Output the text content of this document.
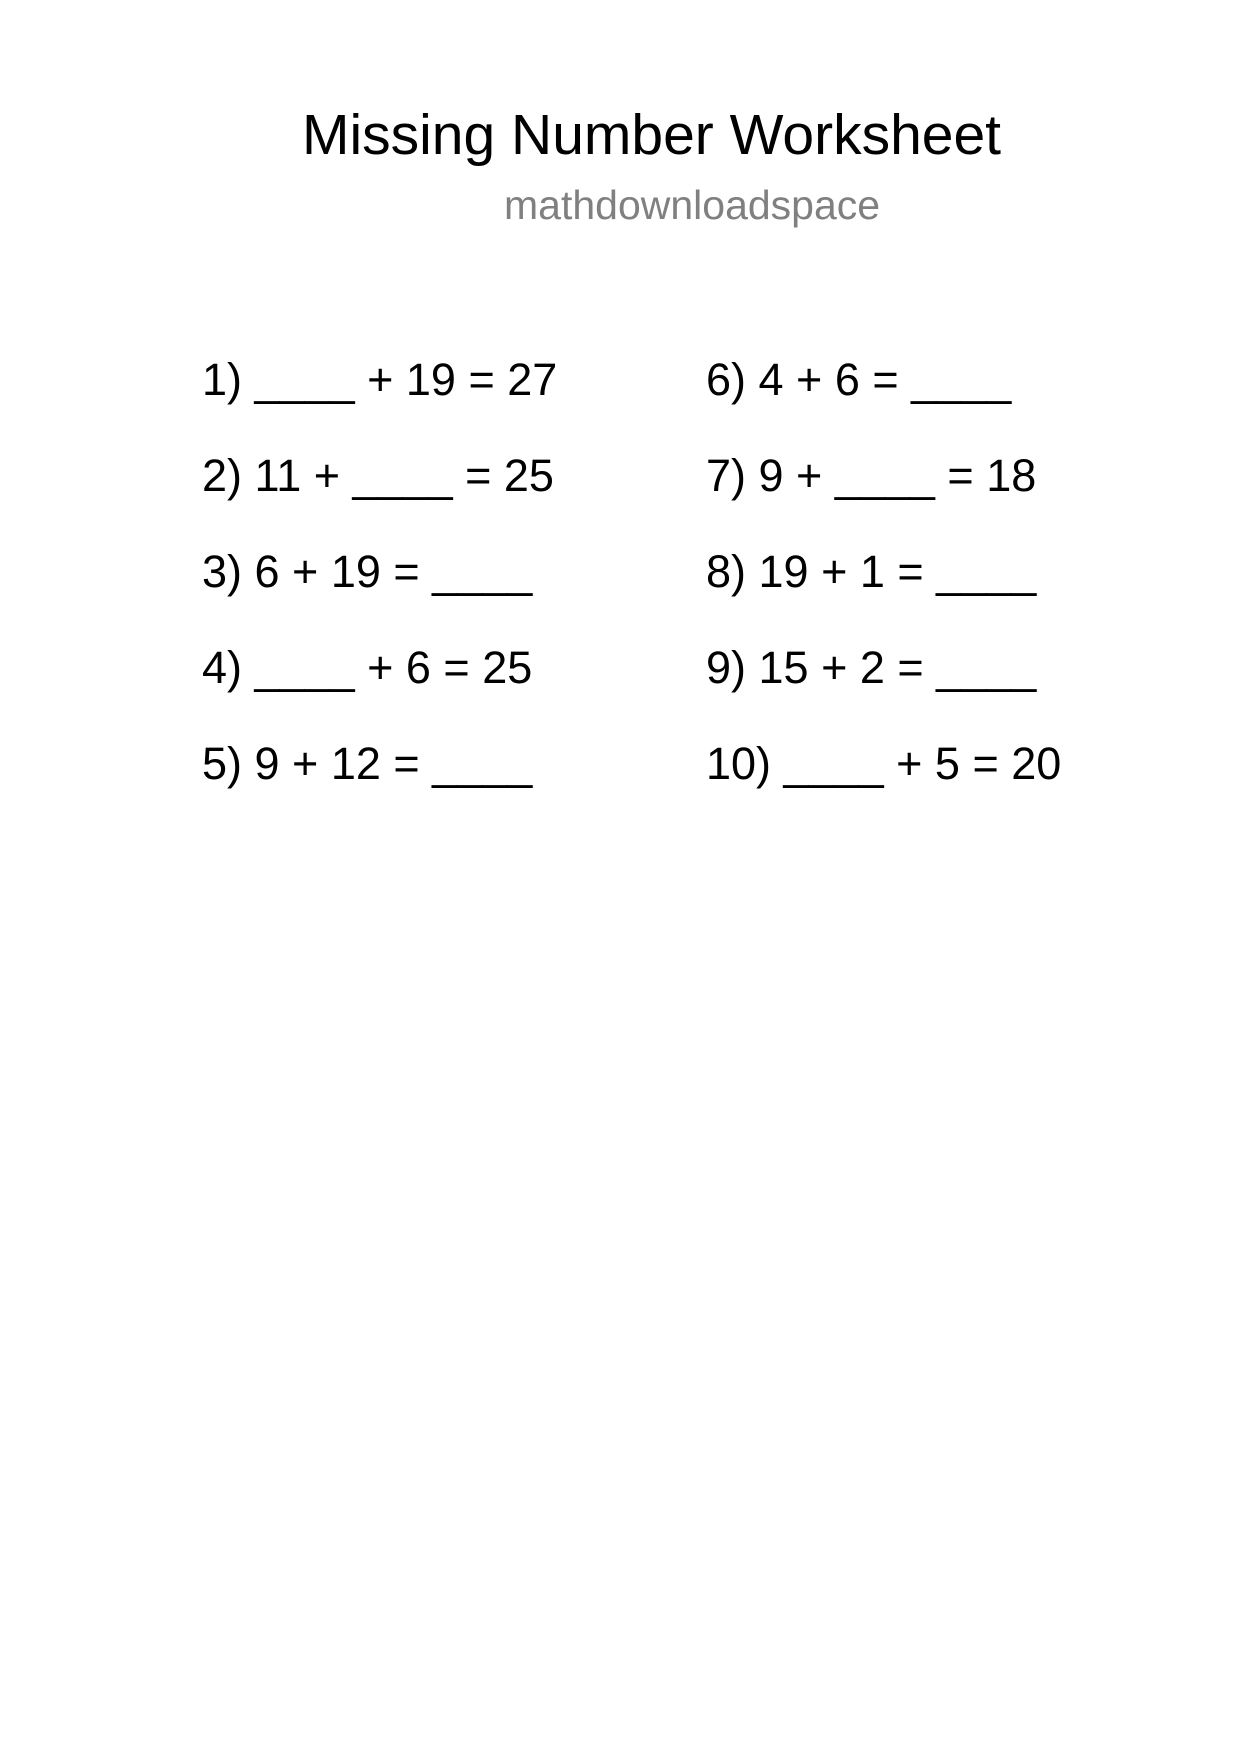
Missing Number Worksheet
mathdownloadspace
1) ____ + 19 = 27
2) 11 + ____ = 25
3) 6 + 19 = ____
4) ____ + 6 = 25
5) 9 + 12 = ____
6) 4 + 6 = ____
7) 9 + ____ = 18
8) 19 + 1 = ____
9) 15 + 2 = ____
10) ____ + 5 = 20
